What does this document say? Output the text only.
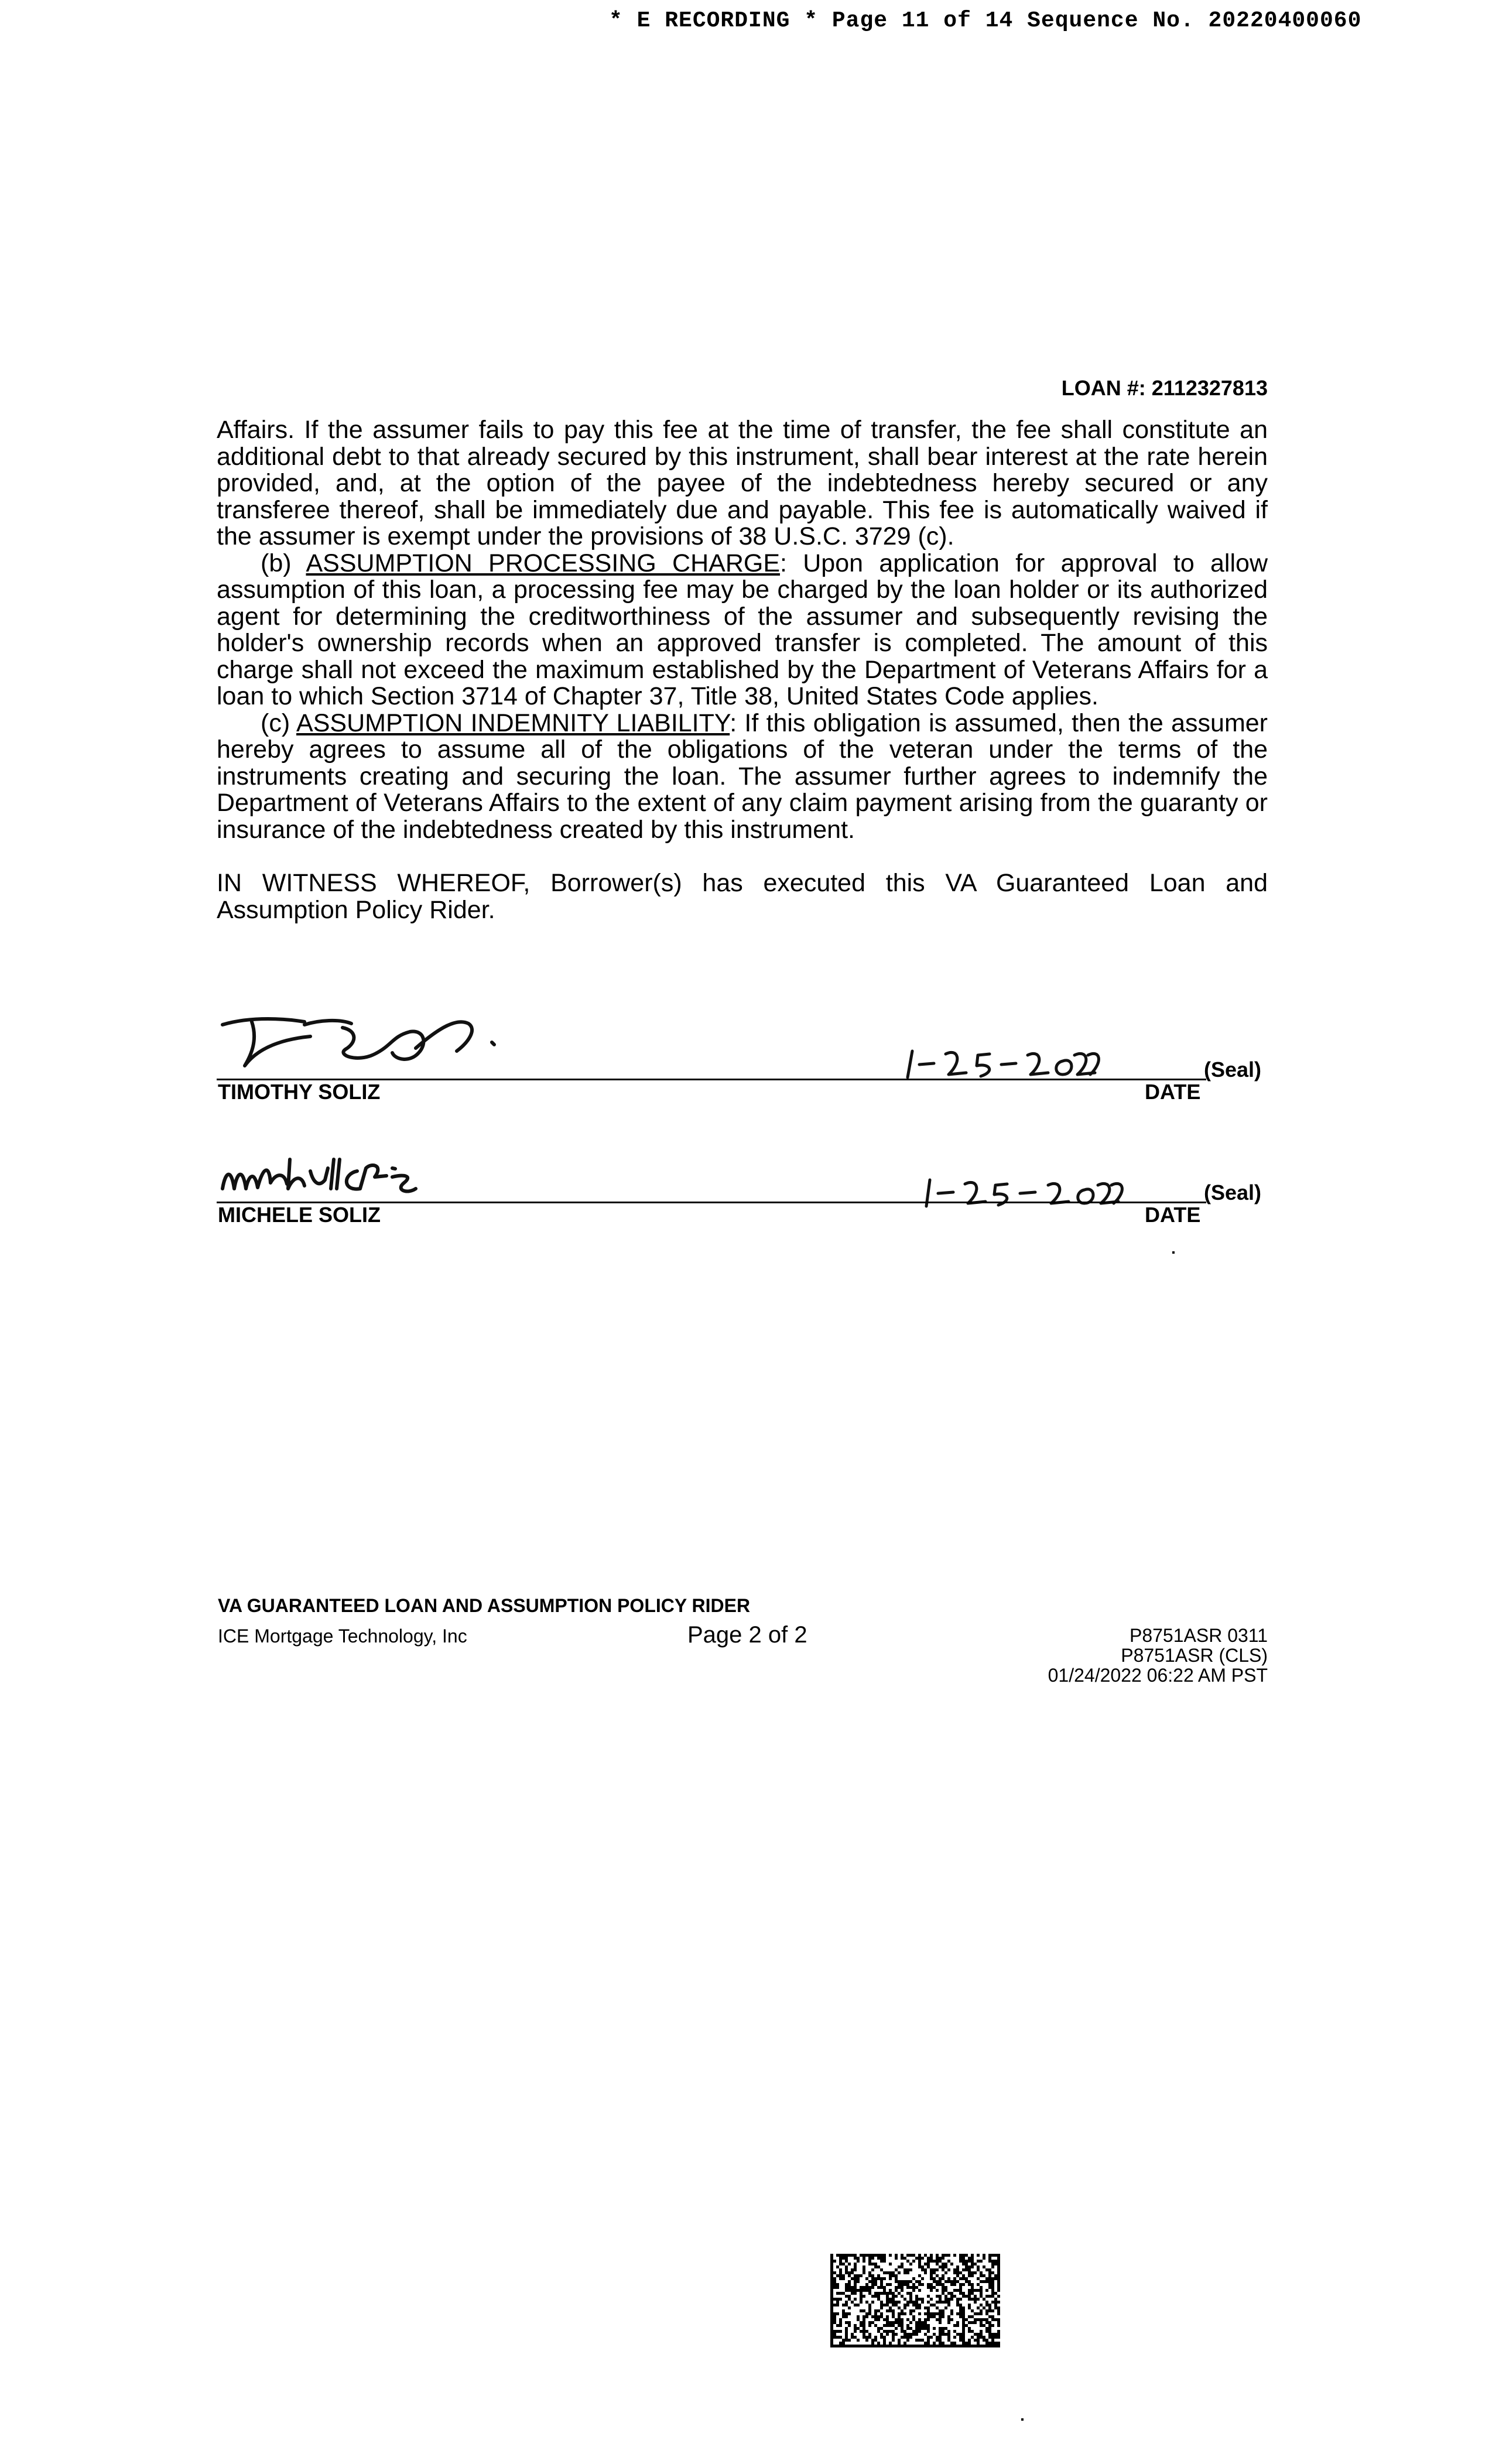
* E RECORDING * Page 11 of 14 Sequence No. 20220400060
LOAN #: 2112327813

Affairs. If the assumer fails to pay this fee at the time of transfer, the fee shall constitute an additional debt to that already secured by this instrument, shall bear interest at the rate herein provided, and, at the option of the payee of the indebtedness hereby secured or any transferee thereof, shall be immediately due and payable. This fee is automatically waived if the assumer is exempt under the provisions of 38 U.S.C. 3729 (c).

(b) ASSUMPTION PROCESSING CHARGE: Upon application for approval to allow assumption of this loan, a processing fee may be charged by the loan holder or its authorized agent for determining the creditworthiness of the assumer and subsequently revising the holder's ownership records when an approved transfer is completed. The amount of this charge shall not exceed the maximum established by the Department of Veterans Affairs for a loan to which Section 3714 of Chapter 37, Title 38, United States Code applies.

(c) ASSUMPTION INDEMNITY LIABILITY: If this obligation is assumed, then the assumer hereby agrees to assume all of the obligations of the veteran under the terms of the instruments creating and securing the loan. The assumer further agrees to indemnify the Department of Veterans Affairs to the extent of any claim payment arising from the guaranty or insurance of the indebtedness created by this instrument.

IN WITNESS WHEREOF, Borrower(s) has executed this VA Guaranteed Loan and Assumption Policy Rider.

(Seal)
TIMOTHY SOLIZ	DATE
(Seal)
MICHELE SOLIZ	DATE
VA GUARANTEED LOAN AND ASSUMPTION POLICY RIDER
ICE Mortgage Technology, Inc	Page 2 of 2	P8751ASR 0311
P8751ASR (CLS)
01/24/2022 06:22 AM PST
